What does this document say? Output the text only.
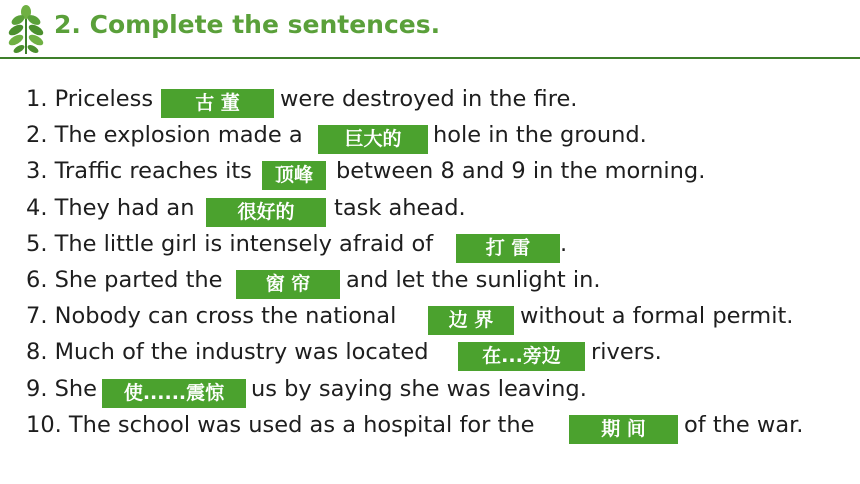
2. Complete the sentences.
1. Priceless	古 董	were destroyed in the fire.
2. The explosion made a	巨大的	hole in the ground.
3. Traffic reaches its	顶峰	between 8 and 9 in the morning.
4. They had an	很好的	task ahead.
5. The little girl is intensely afraid of	打 雷	.
6. She parted the	窗 帘	and let the sunlight in.
7. Nobody can cross the national	边 界	without a formal permit.
8. Much of the industry was located	在...旁边	rivers.
9. She	使......震惊	us by saying she was leaving.
10. The school was used as a hospital for the	期 间	of the war.
